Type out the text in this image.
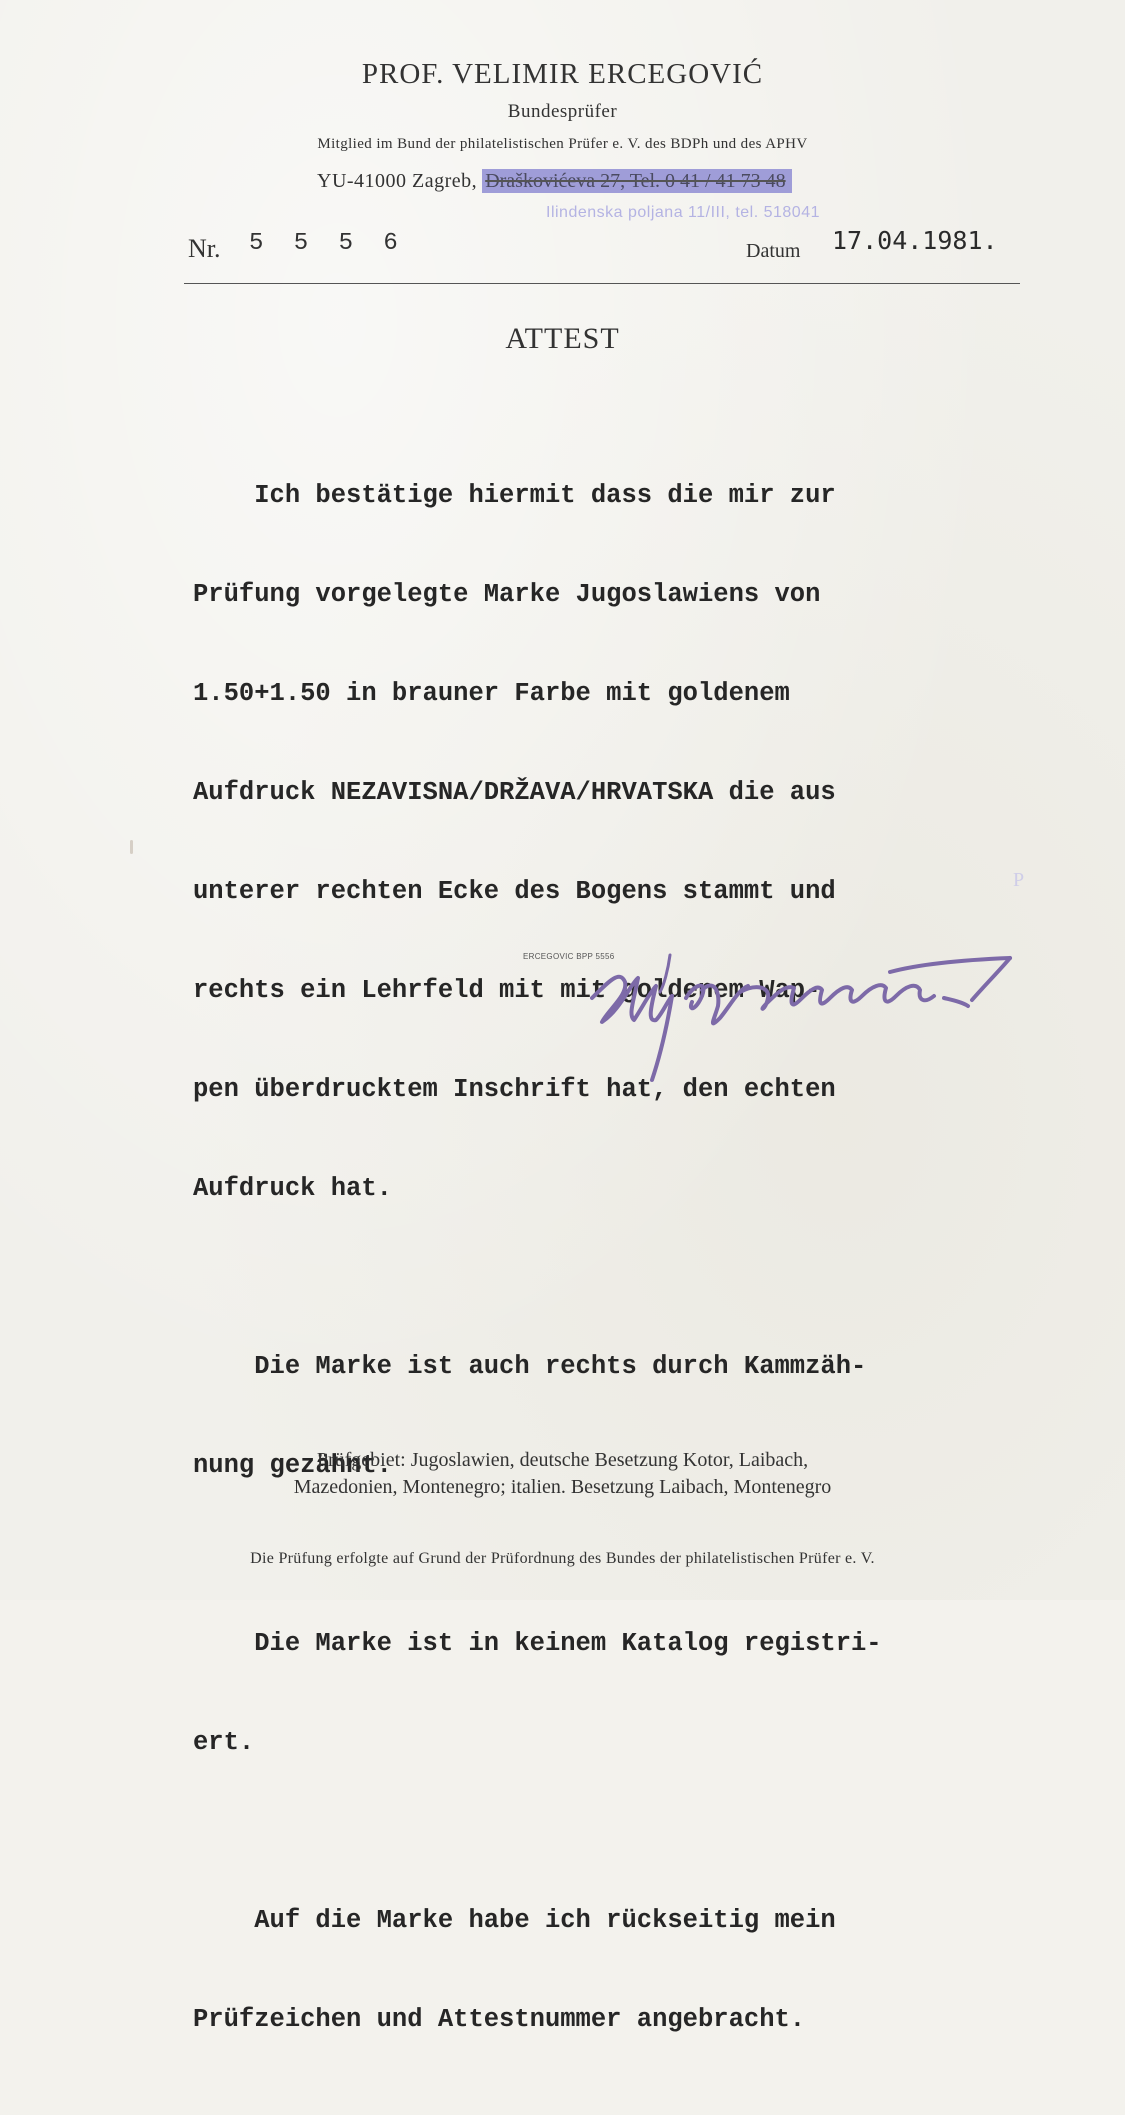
PROF. VELIMIR ERCEGOVIĆ
Bundesprüfer
Mitglied im Bund der philatelistischen Prüfer e. V. des BDPh und des APHV
YU-41000 Zagreb, Draškovićeva 27, Tel. 0 41 / 41 73 48
Ilindenska poljana 11/III, tel. 518041
Nr. 5 5 5 6	Datum 17.04.1981.
ATTEST

Ich bestätige hiermit dass die mir zur

Prüfung vorgelegte Marke Jugoslawiens von

1.50+1.50 in brauner Farbe mit goldenem

Aufdruck NEZAVISNA/DRŽAVA/HRVATSKA die aus

unterer rechten Ecke des Bogens stammt und

rechts ein Lehrfeld mit mit goldenem Wap-

pen überdrucktem Inschrift hat, den echten

Aufdruck hat.

Die Marke ist auch rechts durch Kammzäh-

nung gezähnt.

Die Marke ist in keinem Katalog registri-

ert.

Auf die Marke habe ich rückseitig mein

Prüfzeichen und Attestnummer angebracht.

P
ERCEGOVIC BPP 5556
Prüfgebiet: Jugoslawien, deutsche Besetzung Kotor, Laibach,
Mazedonien, Montenegro; italien. Besetzung Laibach, Montenegro
Die Prüfung erfolgte auf Grund der Prüfordnung des Bundes der philatelistischen Prüfer e. V.
